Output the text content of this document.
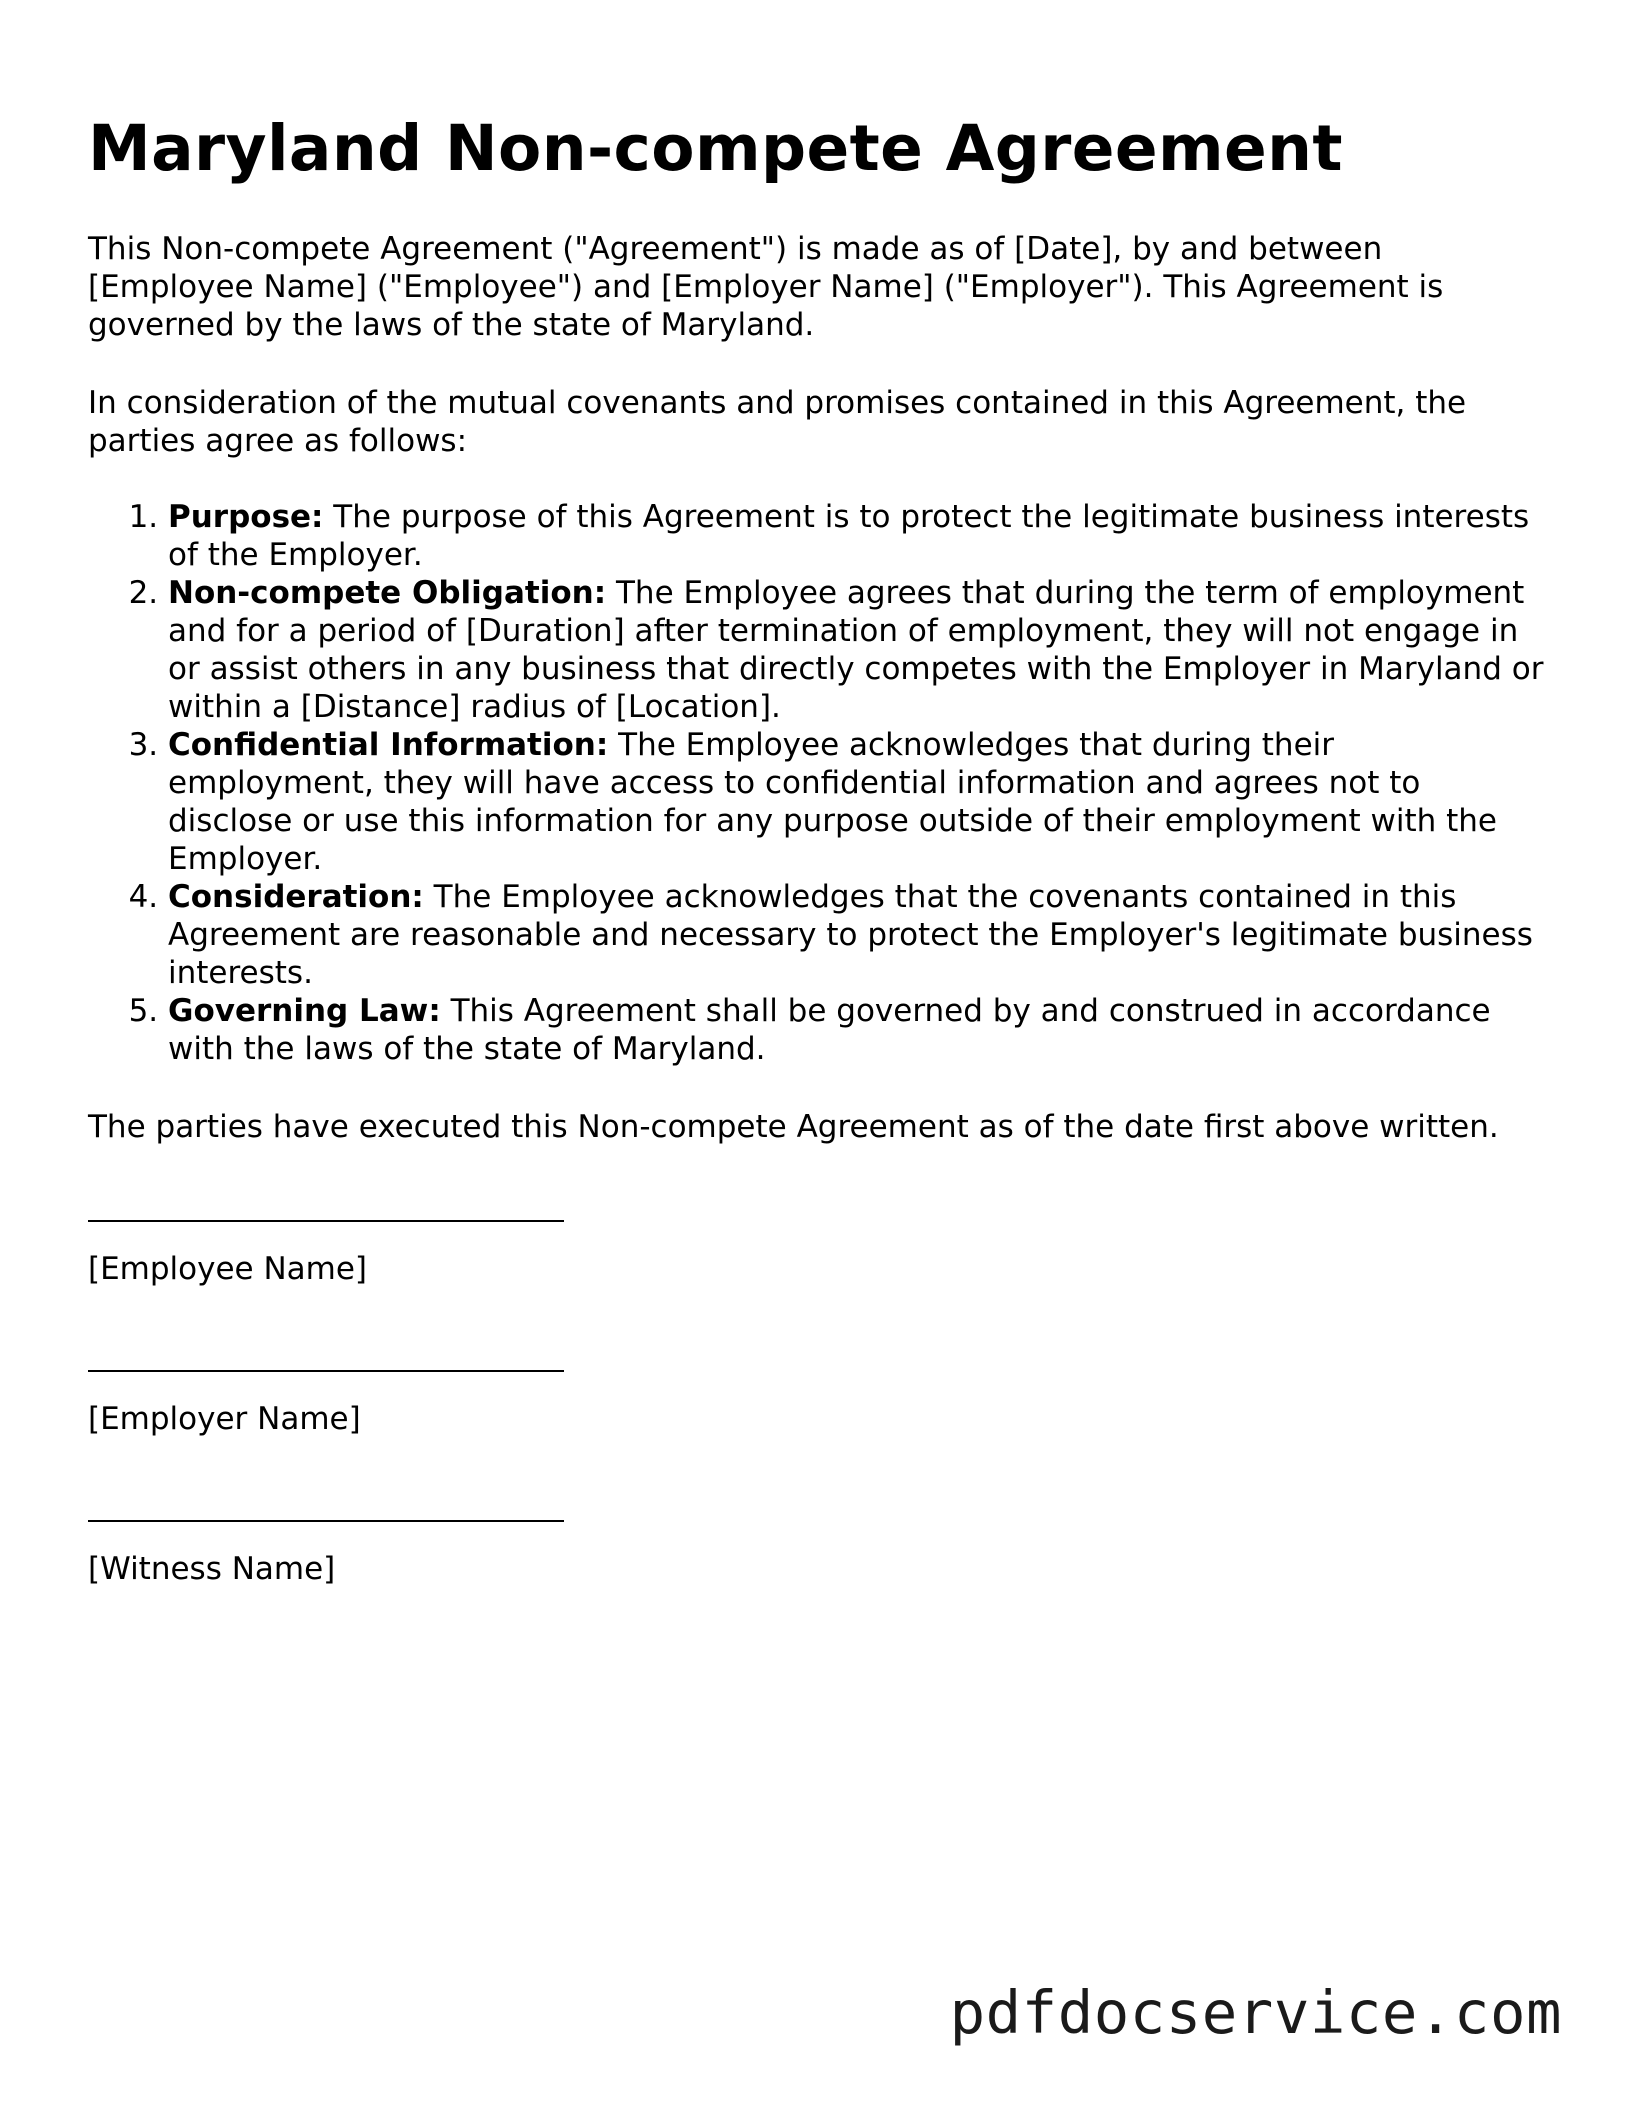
Maryland Non-compete Agreement

This Non-compete Agreement ("Agreement") is made as of [Date], by and between [Employee Name] ("Employee") and [Employer Name] ("Employer"). This Agreement is governed by the laws of the state of Maryland.

In consideration of the mutual covenants and promises contained in this Agreement, the parties agree as follows:

1. Purpose: The purpose of this Agreement is to protect the legitimate business interests of the Employer.
2. Non-compete Obligation: The Employee agrees that during the term of employment and for a period of [Duration] after termination of employment, they will not engage in or assist others in any business that directly competes with the Employer in Maryland or within a [Distance] radius of [Location].
3. Confidential Information: The Employee acknowledges that during their employment, they will have access to confidential information and agrees not to disclose or use this information for any purpose outside of their employment with the Employer.
4. Consideration: The Employee acknowledges that the covenants contained in this Agreement are reasonable and necessary to protect the Employer's legitimate business interests.
5. Governing Law: This Agreement shall be governed by and construed in accordance with the laws of the state of Maryland.

The parties have executed this Non-compete Agreement as of the date first above written.

[Employee Name]
[Employer Name]
[Witness Name]
pdfdocservice.com
